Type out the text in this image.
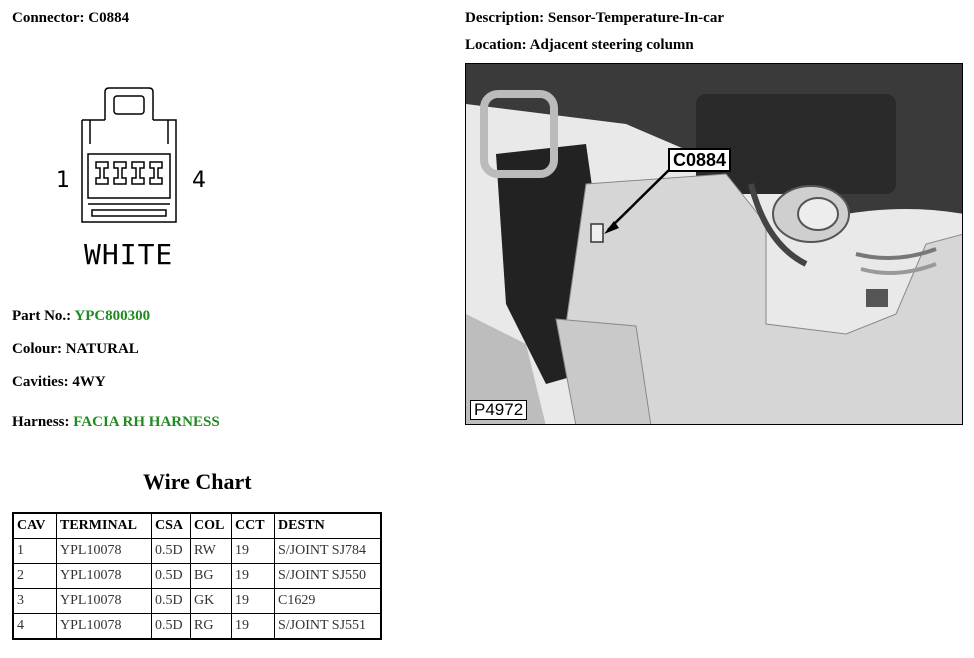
Connector: C0884	Description: Sensor-Temperature-In-car
Location: Adjacent steering column
1	4
WHITE
Part No.: YPC800300
Colour: NATURAL
Cavities: 4WY
Harness: FACIA RH HARNESS
C0884
P4972
Wire Chart
CAV	TERMINAL	CSA	COL	CCT	DESTN
1	YPL10078	0.5D	RW	19	S/JOINT SJ784
2	YPL10078	0.5D	BG	19	S/JOINT SJ550
3	YPL10078	0.5D	GK	19	C1629
4	YPL10078	0.5D	RG	19	S/JOINT SJ551
